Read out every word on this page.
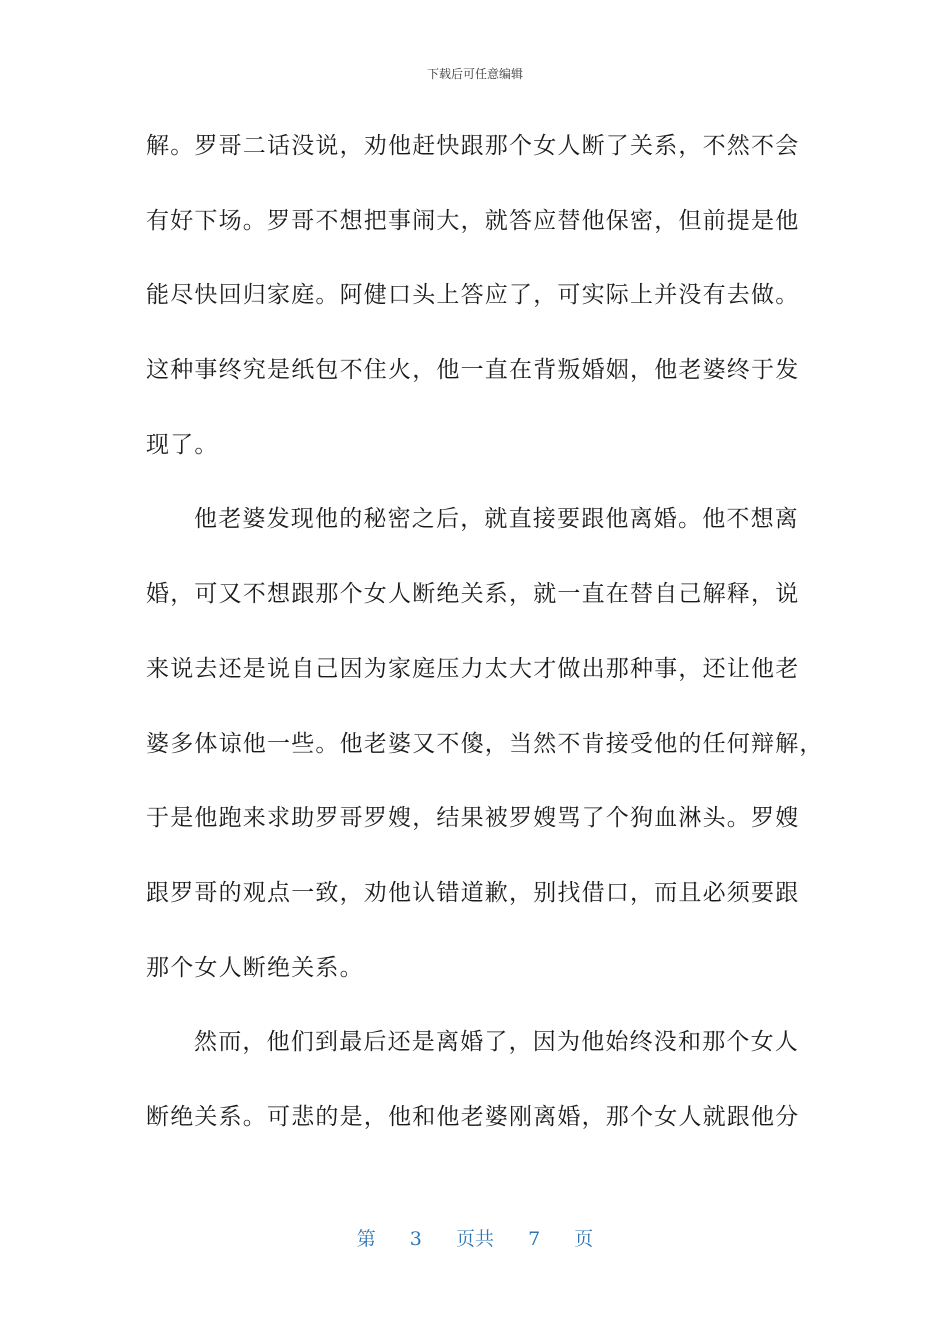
下载后可任意编辑
解。罗哥二话没说，劝他赶快跟那个女人断了关系，不然不会
有好下场。罗哥不想把事闹大，就答应替他保密，但前提是他
能尽快回归家庭。阿健口头上答应了，可实际上并没有去做。
这种事终究是纸包不住火，他一直在背叛婚姻，他老婆终于发
现了。
他老婆发现他的秘密之后，就直接要跟他离婚。他不想离
婚，可又不想跟那个女人断绝关系，就一直在替自己解释，说
来说去还是说自己因为家庭压力太大才做出那种事，还让他老
婆多体谅他一些。他老婆又不傻，当然不肯接受他的任何辩解，
于是他跑来求助罗哥罗嫂，结果被罗嫂骂了个狗血淋头。罗嫂
跟罗哥的观点一致，劝他认错道歉，别找借口，而且必须要跟
那个女人断绝关系。
然而，他们到最后还是离婚了，因为他始终没和那个女人
断绝关系。可悲的是，他和他老婆刚离婚，那个女人就跟他分
第 3 页共 7 页
